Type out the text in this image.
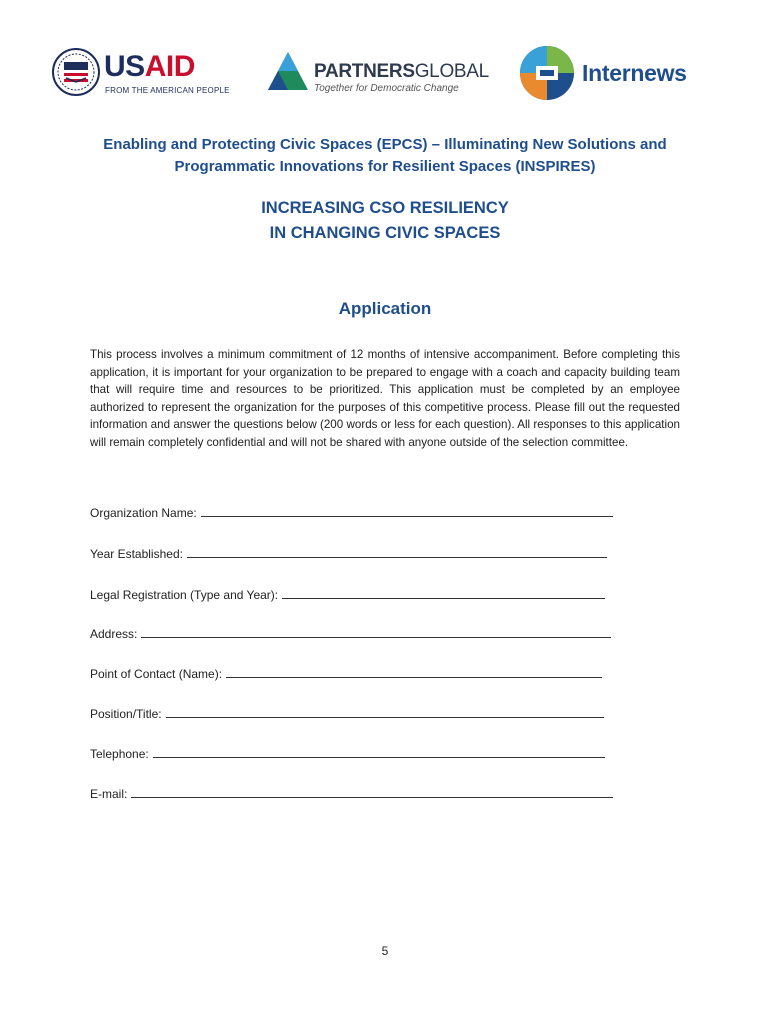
USAID
FROM THE AMERICAN PEOPLE
PARTNERSGLOBAL
Together for Democratic Change
Internews
Enabling and Protecting Civic Spaces (EPCS) – Illuminating New Solutions and
Programmatic Innovations for Resilient Spaces (INSPIRES)
INCREASING CSO RESILIENCY
IN CHANGING CIVIC SPACES
Application
This process involves a minimum commitment of 12 months of intensive accompaniment. Before completing this application, it is important for your organization to be prepared to engage with a coach and capacity building team that will require time and resources to be prioritized. This application must be completed by an employee authorized to represent the organization for the purposes of this competitive process. Please fill out the requested information and answer the questions below (200 words or less for each question). All responses to this application will remain completely confidential and will not be shared with anyone outside of the selection committee.
Organization Name:
Year Established:
Legal Registration (Type and Year):
Address:
Point of Contact (Name):
Position/Title:
Telephone:
E-mail:
5
